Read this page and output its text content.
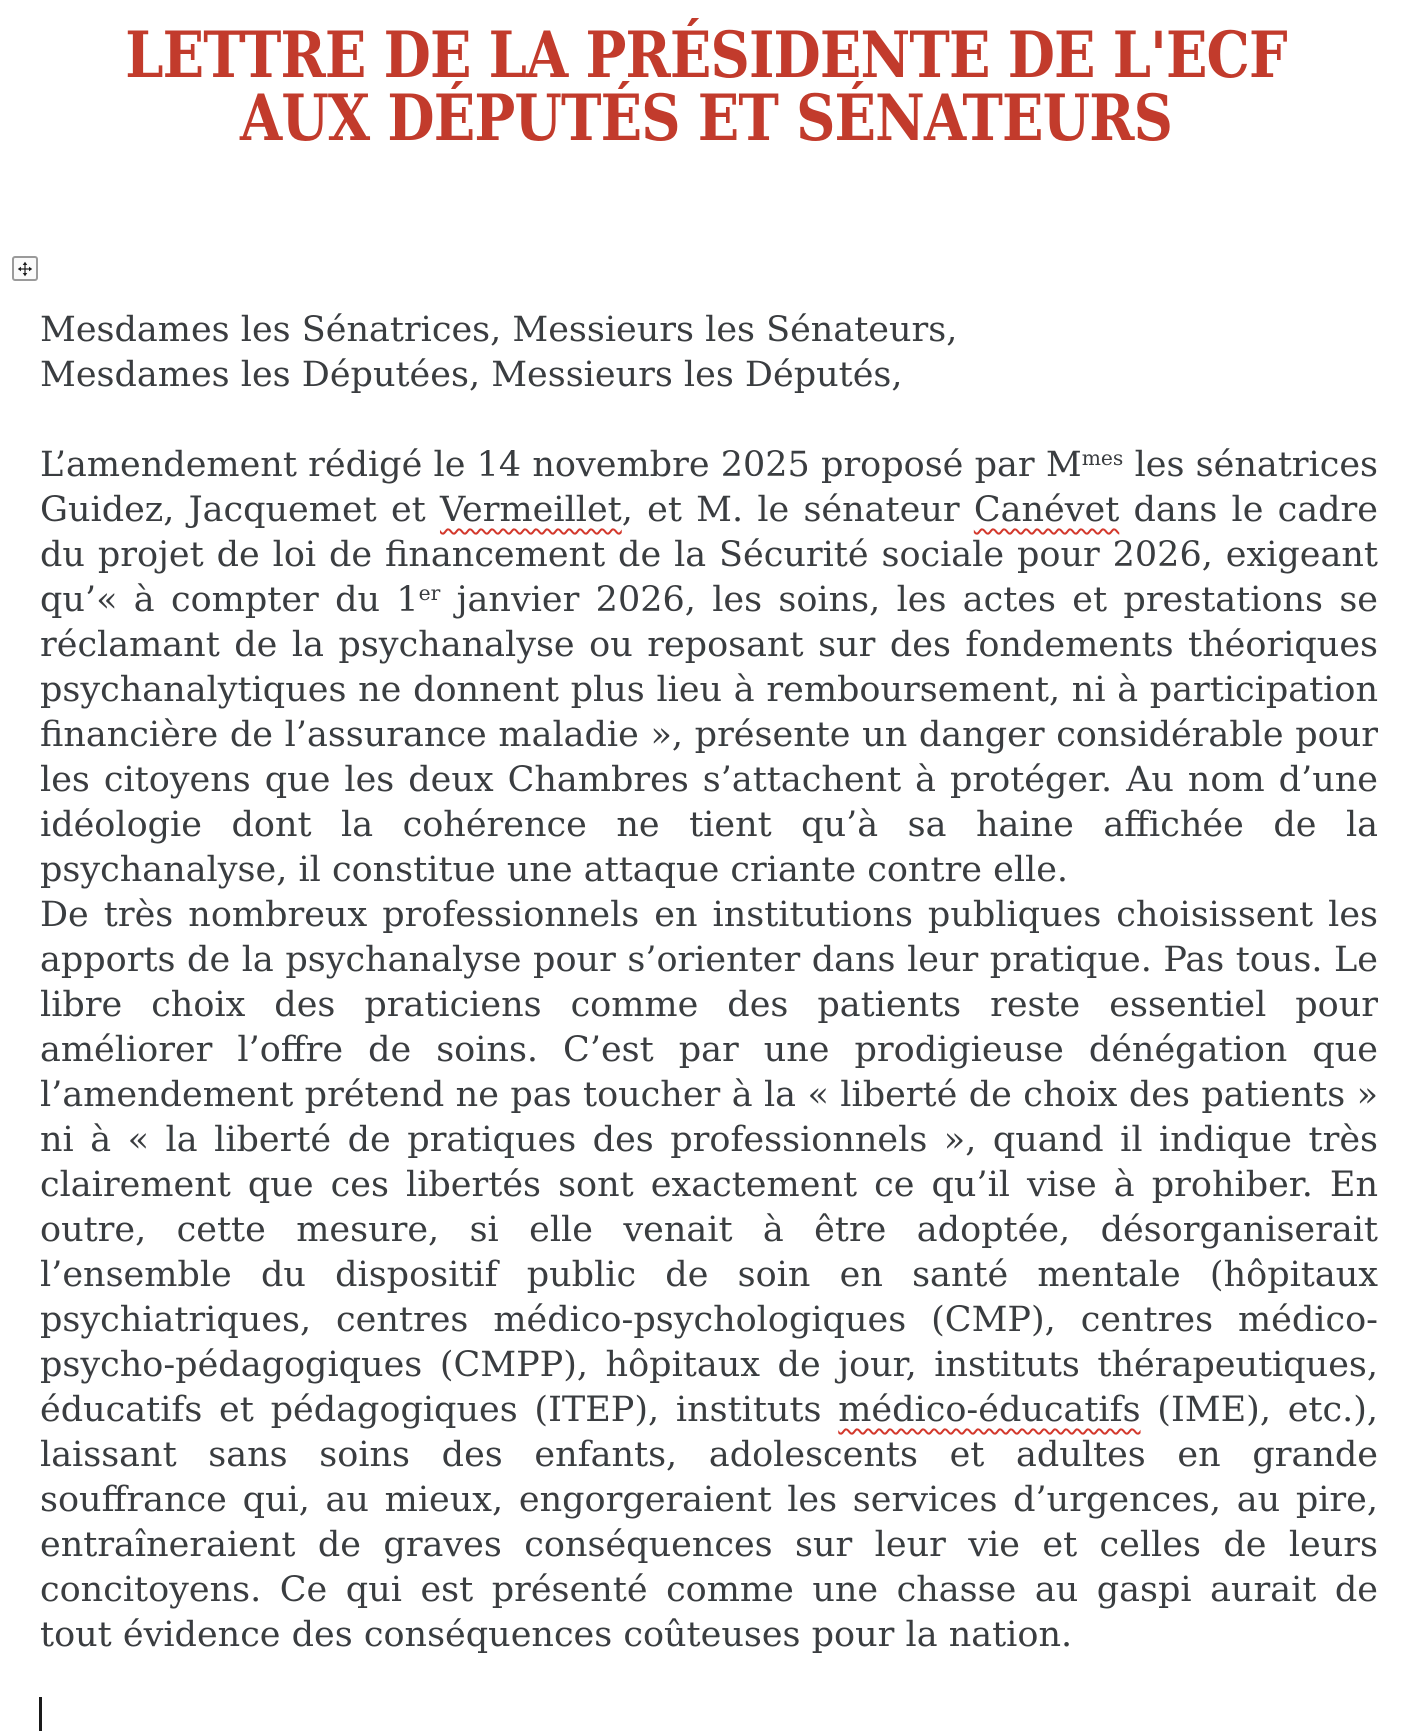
LETTRE DE LA PRÉSIDENTE DE L'ECF
AUX DÉPUTÉS ET SÉNATEURS
Mesdames les Sénatrices, Messieurs les Sénateurs,
Mesdames les Députées, Messieurs les Députés,

L’amendement rédigé le 14 novembre 2025 proposé par $M^{mes}$ les sénatrices Guidez, Jacquemet et Vermeillet, et M. le sénateur Canévet dans le cadre du projet de loi de financement de la Sécurité sociale pour 2026, exigeant qu’« à compter du 1er janvier 2026, les soins, les actes et prestations se réclamant de la psychanalyse ou reposant sur des fondements théoriques psychanalytiques ne donnent plus lieu à remboursement, ni à participation financière de l’assurance maladie », présente un danger considérable pour les citoyens que les deux Chambres s’attachent à protéger. Au nom d’une idéologie dont la cohérence ne tient qu’à sa haine affichée de la psychanalyse, il constitue une attaque criante contre elle.

De très nombreux professionnels en institutions publiques choisissent les apports de la psychanalyse pour s’orienter dans leur pratique. Pas tous. Le libre choix des praticiens comme des patients reste essentiel pour améliorer l’offre de soins. C’est par une prodigieuse dénégation que l’amendement prétend ne pas toucher à la « liberté de choix des patients » ni à « la liberté de pratiques des professionnels », quand il indique très clairement que ces libertés sont exactement ce qu’il vise à prohiber. En outre, cette mesure, si elle venait à être adoptée, désorganiserait l’ensemble du dispositif public de soin en santé mentale (hôpitaux psychiatriques, centres médico-psychologiques (CMP), centres médico-psycho-pédagogiques (CMPP), hôpitaux de jour, instituts thérapeutiques, éducatifs et pédagogiques (ITEP), instituts médico-éducatifs (IME), etc.), laissant sans soins des enfants, adolescents et adultes en grande souffrance qui, au mieux, engorgeraient les services d’urgences, au pire, entraîneraient de graves conséquences sur leur vie et celles de leurs concitoyens. Ce qui est présenté comme une chasse au gaspi aurait de tout évidence des conséquences coûteuses pour la nation.
